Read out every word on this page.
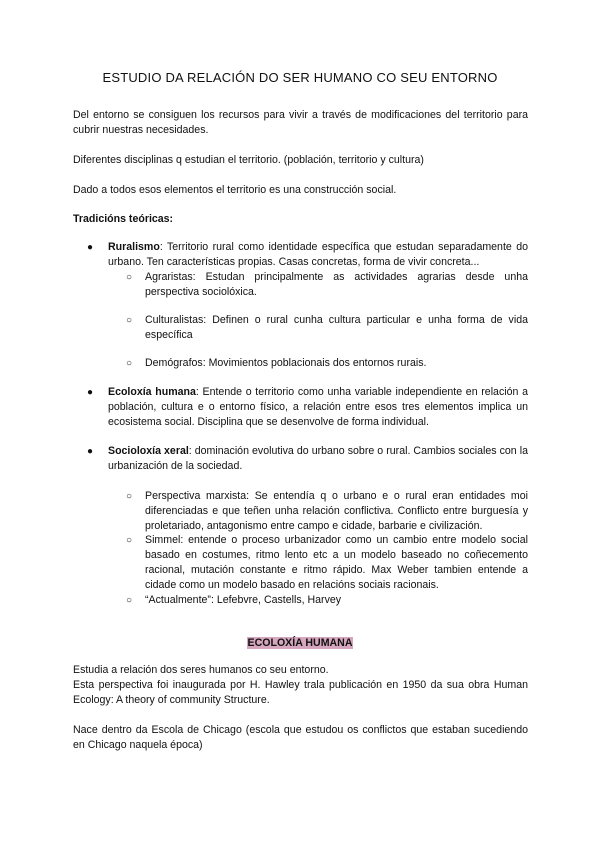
ESTUDIO DA RELACIÓN DO SER HUMANO CO SEU ENTORNO

Del entorno se consiguen los recursos para vivir a través de modificaciones del territorio para cubrir nuestras necesidades.

Diferentes disciplinas q estudian el territorio. (población, territorio y cultura)

Dado a todos esos elementos el territorio es una construcción social.

Tradicións teóricas:

● Ruralismo: Territorio rural como identidade específica que estudan separadamente do urbano. Ten características propias. Casas concretas, forma de vivir concreta...
○ Agraristas: Estudan principalmente as actividades agrarias desde unha perspectiva sociolóxica.
○ Culturalistas: Definen o rural cunha cultura particular e unha forma de vida específica
○ Demógrafos: Movimientos poblacionais dos entornos rurais.
● Ecoloxía humana: Entende o territorio como unha variable independiente en relación a población, cultura e o entorno físico, a relación entre esos tres elementos implica un ecosistema social. Disciplina que se desenvolve de forma individual.
● Socioloxía xeral: dominación evolutiva do urbano sobre o rural. Cambios sociales con la urbanización de la sociedad.
○ Perspectiva marxista: Se entendía q o urbano e o rural eran entidades moi diferenciadas e que teñen unha relación conflictiva. Conflicto entre burguesía y proletariado, antagonismo entre campo e cidade, barbarie e civilización.
○ Simmel: entende o proceso urbanizador como un cambio entre modelo social basado en costumes, ritmo lento etc a un modelo baseado no coñecemento racional, mutación constante e ritmo rápido. Max Weber tambien entende a cidade como un modelo basado en relacións sociais racionais.
○ “Actualmente”: Lefebvre, Castells, Harvey
ECOLOXÍA HUMANA

Estudia a relación dos seres humanos co seu entorno.

Esta perspectiva foi inaugurada por H. Hawley trala publicación en 1950 da sua obra Human Ecology: A theory of community Structure.

Nace dentro da Escola de Chicago (escola que estudou os conflictos que estaban sucediendo en Chicago naquela época)
